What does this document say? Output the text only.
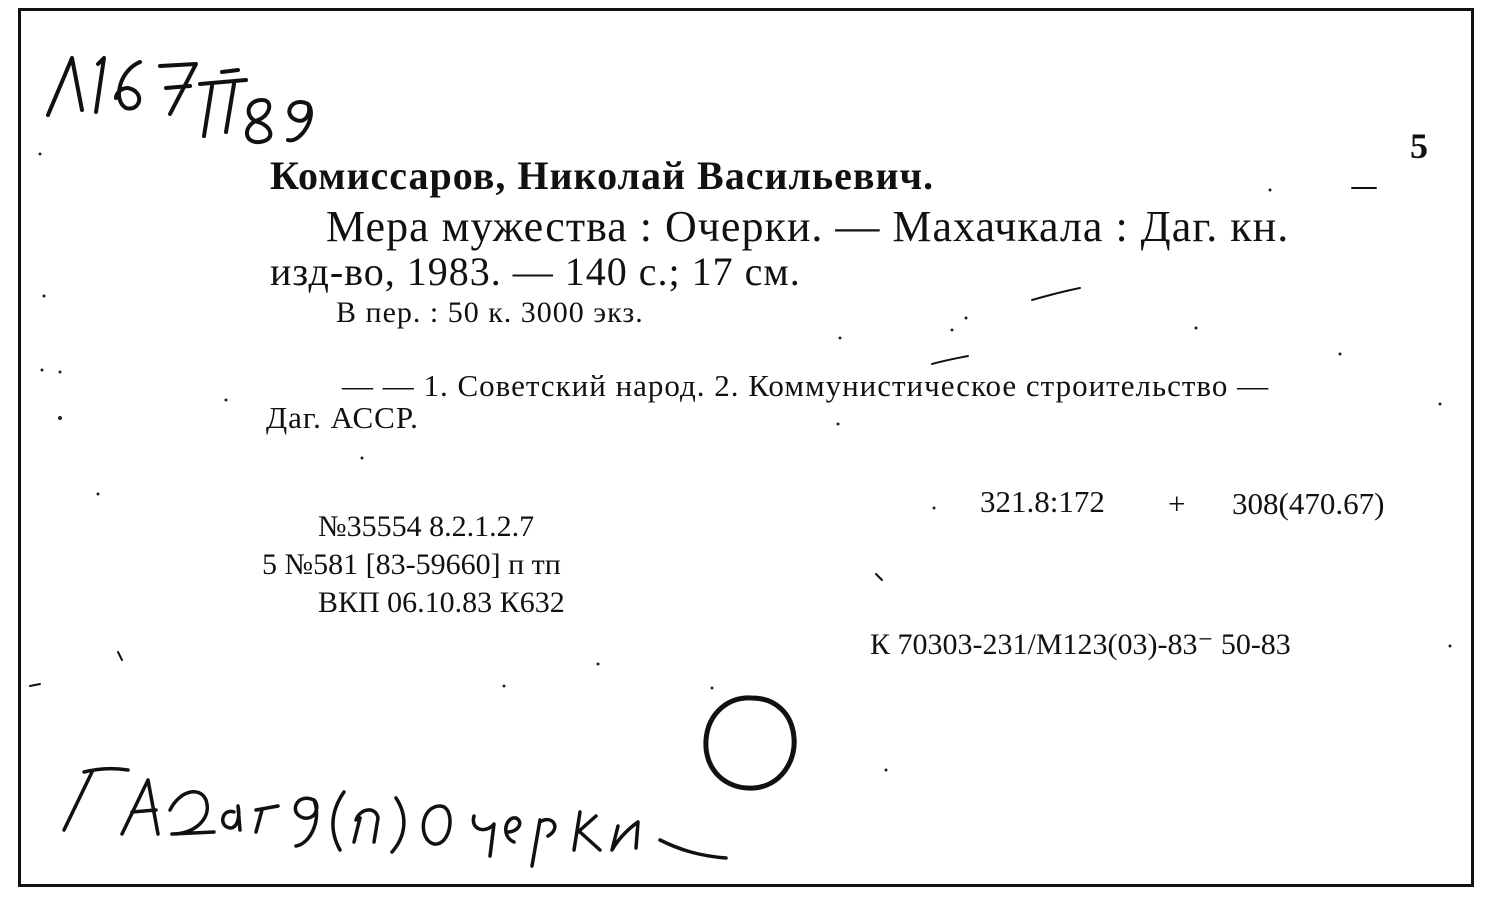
Комиссаров, Николай Васильевич.
5
Мера мужества : Очерки. — Махачкала : Даг. кн.
изд-во, 1983. — 140 с.; 17 см.
В пер. : 50 к. 3000 экз.
— — 1. Советский народ. 2. Коммунистическое строительство —
Даг. АССР.
321.8:172 + 308(470.67)
№35554 8.2.1.2.7
5 №581 [83-59660] п тп
ВКП 06.10.83 К632
К 70303-231/М123(03)-83⁻ 50-83
